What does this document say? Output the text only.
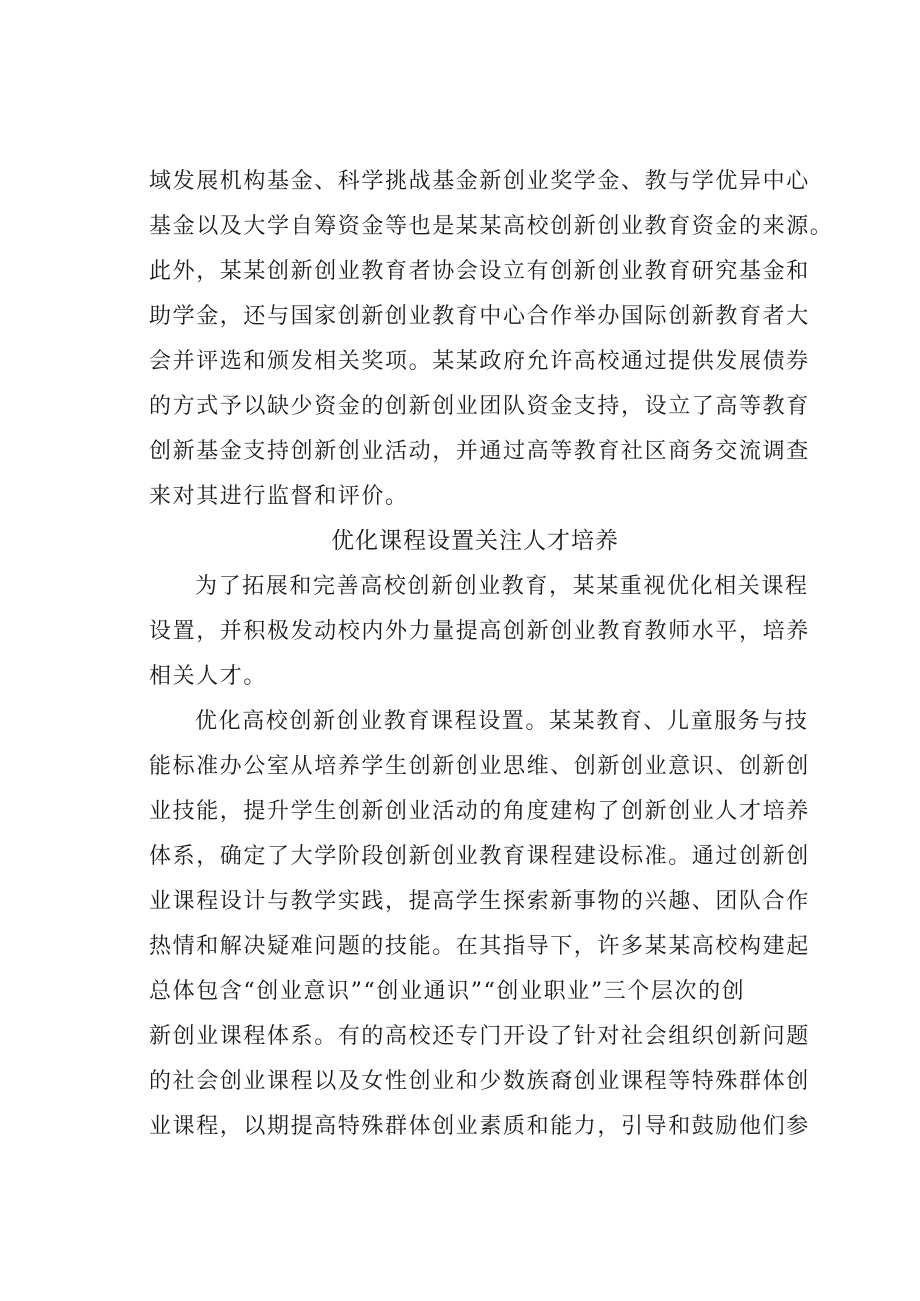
域发展机构基金、科学挑战基金新创业奖学金、教与学优异中心
基金以及大学自筹资金等也是某某高校创新创业教育资金的来源。
此外，某某创新创业教育者协会设立有创新创业教育研究基金和
助学金，还与国家创新创业教育中心合作举办国际创新教育者大
会并评选和颁发相关奖项。某某政府允许高校通过提供发展债券
的方式予以缺少资金的创新创业团队资金支持，设立了高等教育
创新基金支持创新创业活动，并通过高等教育社区商务交流调查
来对其进行监督和评价。
优化课程设置关注人才培养
为了拓展和完善高校创新创业教育，某某重视优化相关课程
设置，并积极发动校内外力量提高创新创业教育教师水平，培养
相关人才。
优化高校创新创业教育课程设置。某某教育、儿童服务与技
能标准办公室从培养学生创新创业思维、创新创业意识、创新创
业技能，提升学生创新创业活动的角度建构了创新创业人才培养
体系，确定了大学阶段创新创业教育课程建设标准。通过创新创
业课程设计与教学实践，提高学生探索新事物的兴趣、团队合作
热情和解决疑难问题的技能。在其指导下，许多某某高校构建起
总体包含“创业意识”“创业通识”“创业职业”三个层次的创
新创业课程体系。有的高校还专门开设了针对社会组织创新问题
的社会创业课程以及女性创业和少数族裔创业课程等特殊群体创
业课程，以期提高特殊群体创业素质和能力，引导和鼓励他们参
